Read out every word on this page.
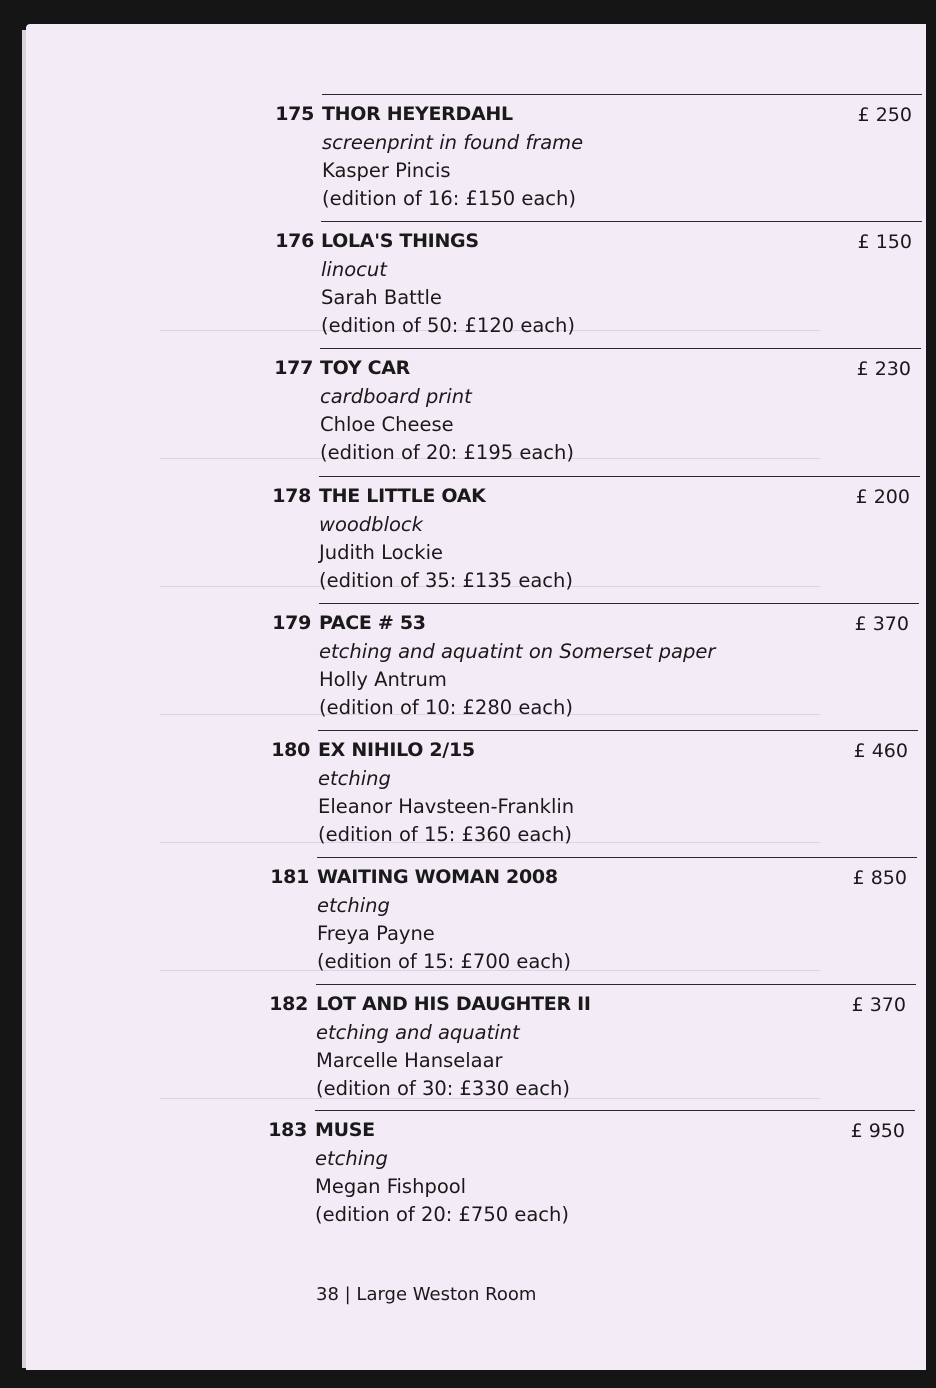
175 THOR HEYERDAHL
screenprint in found frame
Kasper Pincis
(edition of 16: £150 each)
£ 250
176 LOLA'S THINGS
linocut
Sarah Battle
(edition of 50: £120 each)
£ 150
177 TOY CAR
cardboard print
Chloe Cheese
(edition of 20: £195 each)
£ 230
178 THE LITTLE OAK
woodblock
Judith Lockie
(edition of 35: £135 each)
£ 200
179 PACE # 53
etching and aquatint on Somerset paper
Holly Antrum
(edition of 10: £280 each)
£ 370
180 EX NIHILO 2/15
etching
Eleanor Havsteen-Franklin
(edition of 15: £360 each)
£ 460
181 WAITING WOMAN 2008
etching
Freya Payne
(edition of 15: £700 each)
£ 850
182 LOT AND HIS DAUGHTER II
etching and aquatint
Marcelle Hanselaar
(edition of 30: £330 each)
£ 370
183 MUSE
etching
Megan Fishpool
(edition of 20: £750 each)
£ 950
38 | Large Weston Room
